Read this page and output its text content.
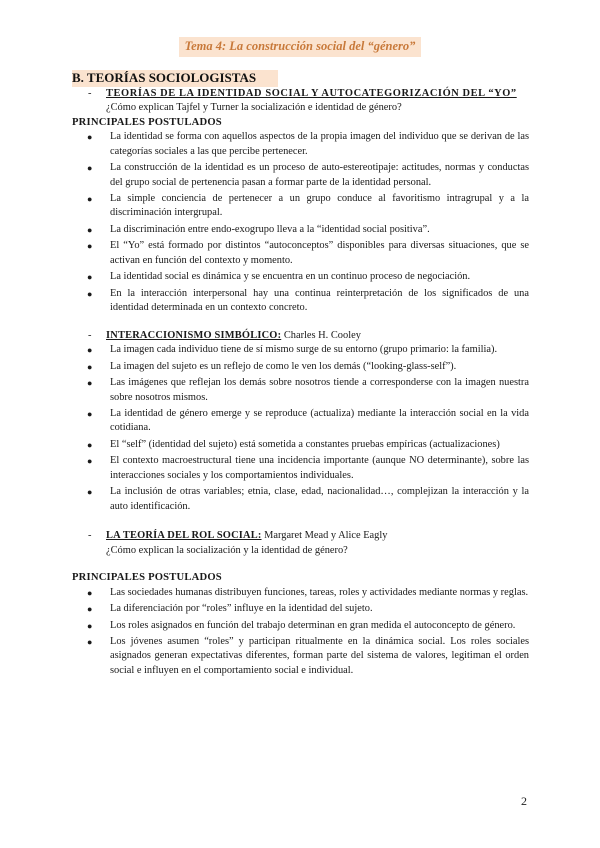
Tema 4: La construcción social del “género”
B. TEORÍAS SOCIOLOGISTAS
- TEORÍAS DE LA IDENTIDAD SOCIAL Y AUTOCATEGORIZACIÓN DEL “YO”
¿Cómo explican Tajfel y Turner la socialización e identidad de género?
PRINCIPALES POSTULADOS
● La identidad se forma con aquellos aspectos de la propia imagen del individuo que se derivan de las categorías sociales a las que percibe pertenecer.
● La construcción de la identidad es un proceso de auto-estereotipaje: actitudes, normas y conductas del grupo social de pertenencia pasan a formar parte de la identidad personal.
● La simple conciencia de pertenecer a un grupo conduce al favoritismo intragrupal y a la discriminación intergrupal.
● La discriminación entre endo-exogrupo lleva a la “identidad social positiva”.
● El “Yo” está formado por distintos “autoconceptos” disponibles para diversas situaciones, que se activan en función del contexto y momento.
● La identidad social es dinámica y se encuentra en un continuo proceso de negociación.
● En la interacción interpersonal hay una continua reinterpretación de los significados de una identidad determinada en un contexto concreto.
- INTERACCIONISMO SIMBÓLICO: Charles H. Cooley
● La imagen cada individuo tiene de sí mismo surge de su entorno (grupo primario: la familia).
● La imagen del sujeto es un reflejo de como le ven los demás (“looking-glass-self”).
● Las imágenes que reflejan los demás sobre nosotros tiende a corresponderse con la imagen nuestra sobre nosotros mismos.
● La identidad de género emerge y se reproduce (actualiza) mediante la interacción social en la vida cotidiana.
● El “self” (identidad del sujeto) está sometida a constantes pruebas empíricas (actualizaciones)
● El contexto macroestructural tiene una incidencia importante (aunque NO determinante), sobre las interacciones sociales y los comportamientos individuales.
● La inclusión de otras variables; etnia, clase, edad, nacionalidad…, complejizan la interacción y la auto identificación.
- LA TEORÍA DEL ROL SOCIAL: Margaret Mead y Alice Eagly
¿Cómo explican la socialización y la identidad de género?
PRINCIPALES POSTULADOS
● Las sociedades humanas distribuyen funciones, tareas, roles y actividades mediante normas y reglas.
● La diferenciación por “roles” influye en la identidad del sujeto.
● Los roles asignados en función del trabajo determinan en gran medida el autoconcepto de género.
● Los jóvenes asumen “roles” y participan ritualmente en la dinámica social. Los roles sociales asignados generan expectativas diferentes, forman parte del sistema de valores, legitiman el orden social e influyen en el comportamiento social e individual.
2
